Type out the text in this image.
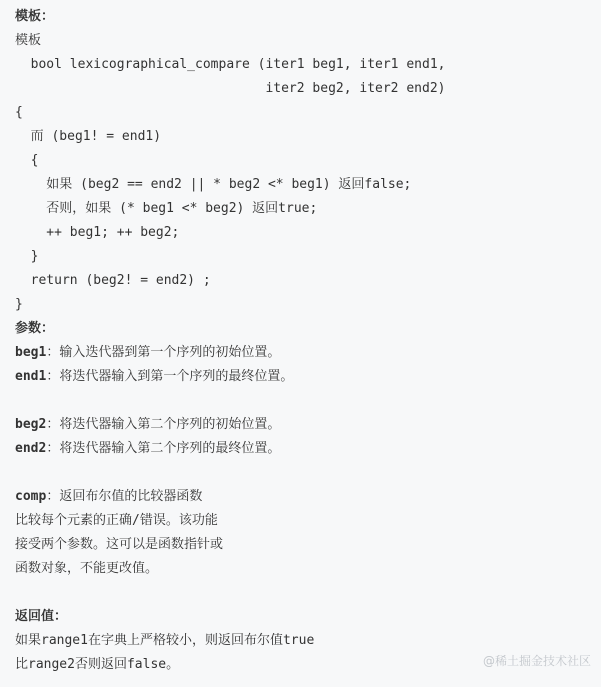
模板：
模板
bool lexicographical_compare (iter1 beg1, iter1 end1,
iter2 beg2, iter2 end2)
{
而 (beg1! = end1)
{
如果 (beg2 == end2 || * beg2 <* beg1) 返回false;
否则，如果 (* beg1 <* beg2) 返回true;
++ beg1; ++ beg2;
}
return (beg2! = end2) ;
}
参数：
beg1：输入迭代器到第一个序列的初始位置。
end1：将迭代器输入到第一个序列的最终位置。
beg2：将迭代器输入第二个序列的初始位置。
end2：将迭代器输入第二个序列的最终位置。
comp：返回布尔值的比较器函数
比较每个元素的正确/错误。该功能
接受两个参数。这可以是函数指针或
函数对象，不能更改值。
返回值：
如果range1在字典上严格较小，则返回布尔值true
比range2否则返回false。	@稀土掘金技术社区
